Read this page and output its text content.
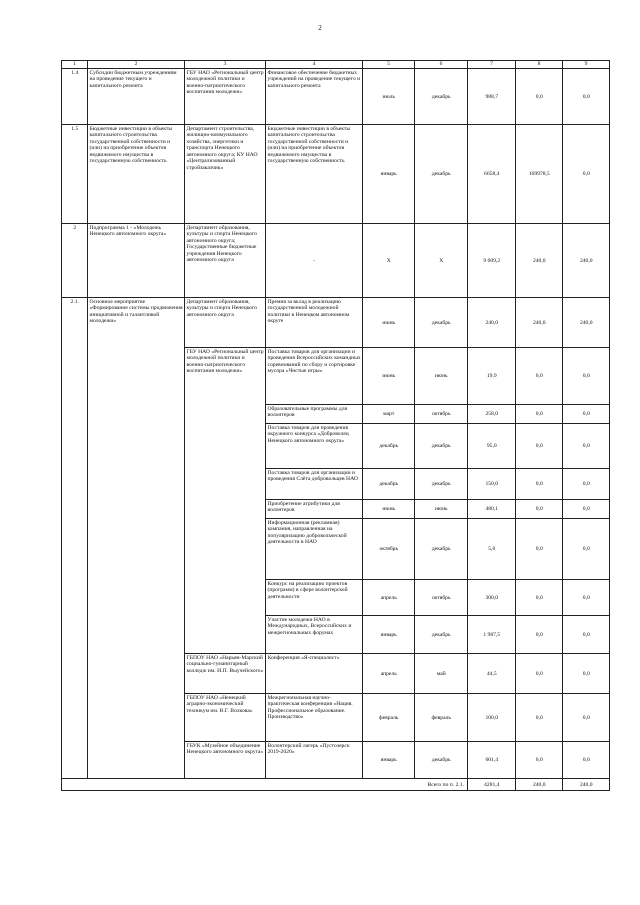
2
1	2	3	4	5	6	7	8	9
1.4	Субсидии бюджетным учреждениям на проведение текущего и капитального ремонта	ГБУ НАО «Региональный центр молодежной политики и военно-патриотического воспитания молодежи»	Финансовое обеспечение бюджетных учреждений на проведение текущего и капитального ремонта	июль	декабрь	988,7	0,0	0,0
1.5	Бюджетные инвестиции в объекты капитального строительства государственной собственности и (или) на приобретение объектов недвижимого имущества в государственную собственность	Департамент строительства, жилищно-коммунального хозяйства, энергетики и транспорта Ненецкого автономного округа; КУ НАО «Централизованный стройзаказчик»	Бюджетные инвестиции в объекты капитального строительства государственной собственности и (или) на приобретение объектов недвижимого имущества в государственную собственность	январь	декабрь	6658,4	169978,5	0,0
2	Подпрограмма 1 - «Молодежь Ненецкого автономного округа»	Департамент образования, культуры и спорта Ненецкого автономного округа; Государственные бюджетные учреждения Ненецкого автономного округа	-	Х	Х	9 609,2	240,0	240,0
2.1.	Основное мероприятие «Формирование системы продвижения инициативной и талантливой молодежи»	Департамент образования, культуры и спорта Ненецкого автономного округа	Премия за вклад в реализацию государственной молодежной политики в Ненецком автономном округе	июнь	декабрь	240,0	240,0	240,0
		ГБУ НАО «Региональный центр молодежной политики и военно-патриотического воспитания молодежи»	Поставка товаров для организации и проведения Всероссийских командных соревнований по сбору и сортировке мусора «Чистые игры»	июнь	июнь	19,9	0,0	0,0
			Образовательные программы для волонтеров	март	октябрь	258,0	0,0	0,0
			Поставка товаров для проведения окружного конкурса «Доброволец Ненецкого автономного округа»	декабрь	декабрь	95,0	0,0	0,0
			Поставка товаров для организации и проведения Слёта добровольцев НАО	декабрь	декабрь	150,0	0,0	0,0
			Приобретение атрибутики для волонтеров	июнь	июнь	480,1	0,0	0,0
			Информационная (рекламная) кампания, направленная на популяризацию добровольческой деятельности в НАО	октябрь	декабрь	5,0	0,0	0,0
			Конкурс на реализацию проектов (программ) в сфере волонтерской деятельности	апрель	октябрь	300,0	0,0	0,0
			Участие молодежи НАО в Международных, Всероссийских и межрегиональных форумах	январь	декабрь	1 987,5	0,0	0,0
		ГБПОУ НАО «Нарьян-Марский социально-гуманитарный колледж им. И.П. Выучейского»	Конференция «Я-специалист»	апрель	май	44,5	0,0	0,0
		ГБПОУ НАО «Ненецкий аграрно-экономический техникум им. В.Г. Волкова»	Межрегиональная научно-практическая конференция «Нация. Профессиональное образование. Производство»	февраль	февраль	100,0	0,0	0,0
		ГБУК «Музейное объединение Ненецкого автономного округа»	Волонтерский лагерь «Пустозерск 2019-2020»	январь	декабрь	601,4	0,0	0,0
Всего по п. 2.1.						4281,4	240,0	240,0
